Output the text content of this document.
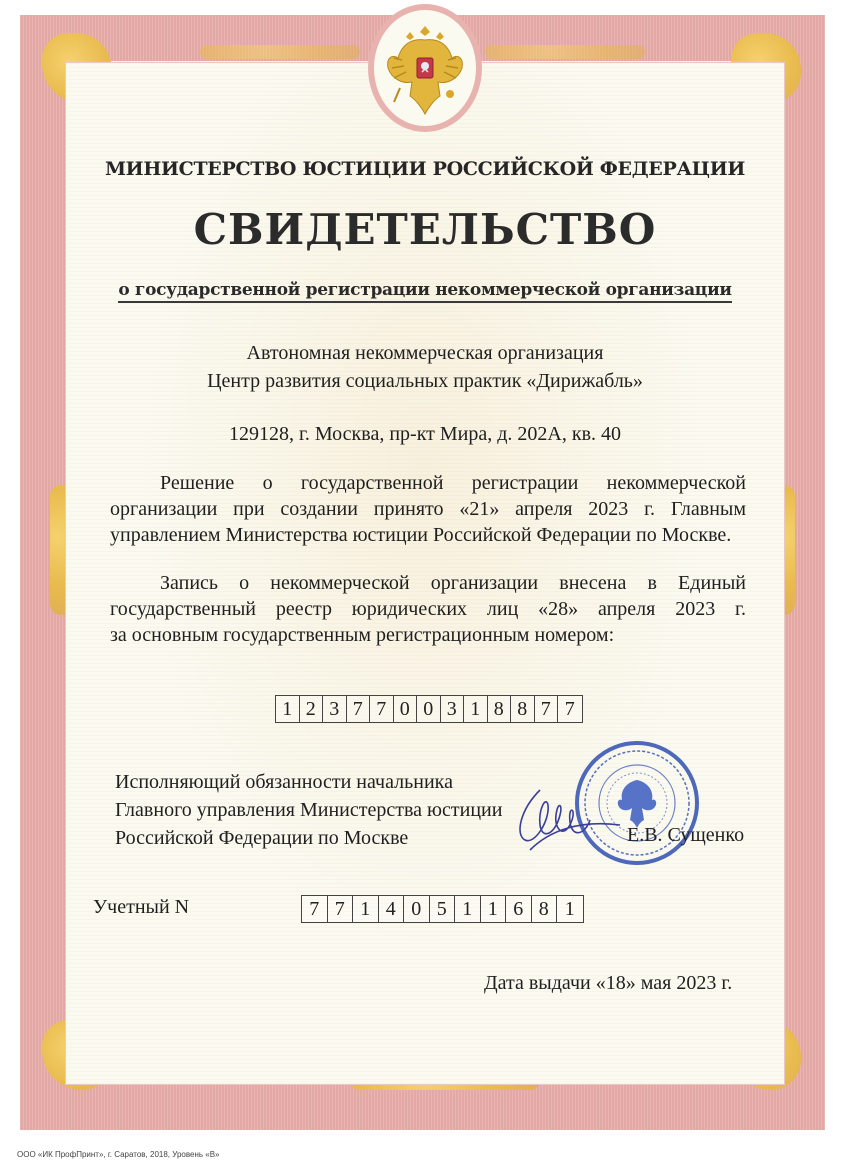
МИНИСТЕРСТВО ЮСТИЦИИ РОССИЙСКОЙ ФЕДЕРАЦИИ
СВИДЕТЕЛЬСТВО
о государственной регистрации некоммерческой организации
Автономная некоммерческая организация
Центр развития социальных практик «Дирижабль»
129128, г. Москва, пр-кт Мира, д. 202А, кв. 40
Решение о государственной регистрации некоммерческой
организации при создании принято «21» апреля 2023 г. Главным
управлением Министерства юстиции Российской Федерации по Москве.
Запись о некоммерческой организации внесена в Единый
государственный реестр юридических лиц «28» апреля 2023 г.
за основным государственным регистрационным номером:
1 2 3 7 7 0 0 3 1 8 8 7 7
Исполняющий обязанности начальника
Главного управления Министерства юстиции
Российской Федерации по Москве	Е.В. Сущенко
Учетный N	7 7 1 4 0 5 1 1 6 8 1
Дата выдачи «18» мая 2023 г.
ООО «ИК ПрофПринт», г. Саратов, 2018, Уровень «В»
